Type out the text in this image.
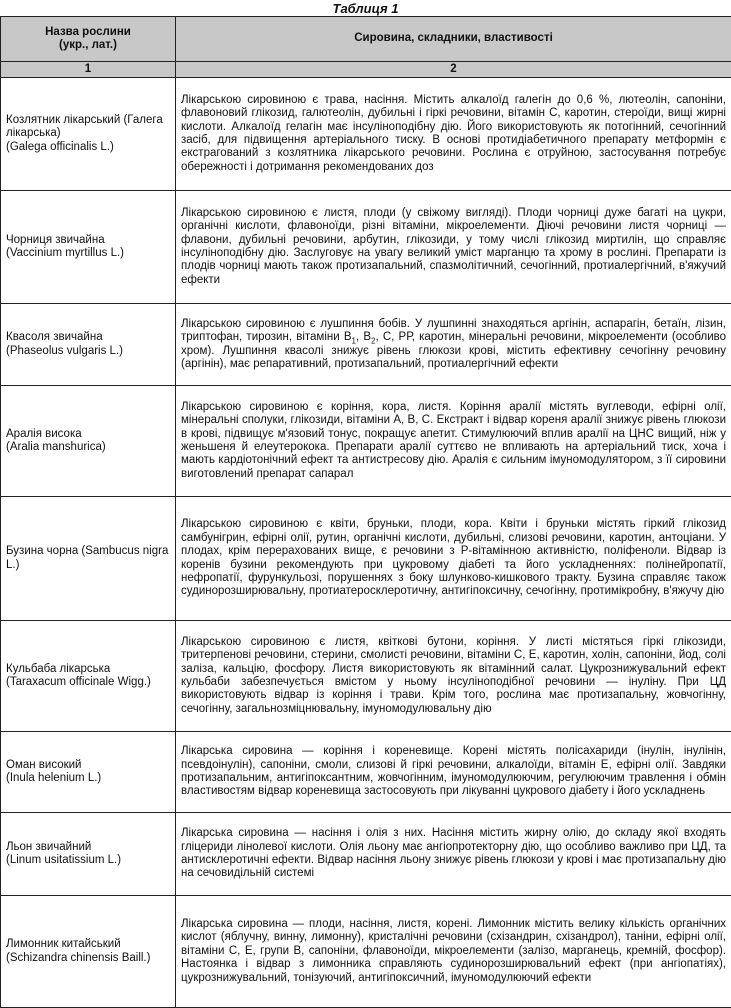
Таблиця 1
Назва рослини
(укр., лат.)	Сировина, складники, властивості
1	2

Козлятник лікарський (Галега лікарська)
(Galega officinalis L.)	Лікарською сировиною є трава, насіння. Містить алкалоїд галегін до 0,6 %, лютеолін, сапоніни, флавоновий глікозид, галютеолін, дубильні і гіркі речовини, вітамін С, каротин, стероїди, вищі жирні кислоти. Алкалоїд гелагін має інсуліноподібну дію. Його використовують як потогінний, сечогінний засіб, для підвищення артеріального тиску. В основі протидіабетичного препарату метформін є екстрагований з козлятника лікарського речовини. Рослина є отруйною, застосування потребує обережності і дотримання рекомендованих доз

Чорниця звичайна
(Vaccinium myrtillus L.)	Лікарською сировиною є листя, плоди (у свіжому вигляді). Плоди чорниці дуже багаті на цукри, органічні кислоти, флавоноїди, різні вітаміни, мікроелементи. Діючі речовини листя чорниці — флавони, дубильні речовини, арбутин, глікозиди, у тому числі глікозид миртилін, що справляє інсуліноподібну дію. Заслуговує на увагу великий уміст марганцю та хрому в рослині. Препарати із плодів чорниці мають також протизапальний, спазмолітичний, сечогінний, протиалергічний, в'яжучий ефекти

Квасоля звичайна
(Phaseolus vulgaris L.)	Лікарською сировиною є лушпиння бобів. У лушпинні знаходяться аргінін, аспарагін, бетаїн, лізин, триптофан, тирозин, вітаміни $В_1$, $В_2$, С, РР, каротин, мінеральні речовини, мікроелементи (особливо хром). Лушпиння квасолі знижує рівень глюкози крові, містить ефективну сечогінну речовину (аргінін), має репаративний, протизапальний, протиалергічний ефекти

Аралія висока
(Aralia manshurica)	Лікарською сировиною є коріння, кора, листя. Коріння аралії містять вуглеводи, ефірні олії, мінеральні сполуки, глікозиди, вітаміни А, В, С. Екстракт і відвар кореня аралії знижує рівень глюкози в крові, підвищує м'язовий тонус, покращує апетит. Стимулюючий вплив аралії на ЦНС вищий, ніж у женьшеня й елеутерокока. Препарати аралії суттєво не впливають на артеріальний тиск, хоча і мають кардіотонічний ефект та антистресову дію. Аралія є сильним імуномодулятором, з її сировини виготовлений препарат сапарал

Бузина чорна (Sambucus nigra L.)	Лікарською сировиною є квіти, бруньки, плоди, кора. Квіти і бруньки містять гіркий глікозид самбунігрин, ефірні олії, рутин, органічні кислоти, дубильні, слизові речовини, каротин, антоціани. У плодах, крім перерахованих вище, є речовини з Р-вітамінною активністю, поліфеноли. Відвар із коренів бузини рекомендують при цукровому діабеті та його ускладненнях: полінейропатії, нефропатії, фурункульозі, порушеннях з боку шлунково-кишкового тракту. Бузина справляє також судинорозширювальну, протиатеросклеротичну, антигіпоксичну, сечогінну, протимікробну, в'яжучу дію

Кульбаба лікарська (Taraxacum officinale Wigg.)	Лікарською сировиною є листя, квіткові бутони, коріння. У листі містяться гіркі глікозиди, тритерпенові речовини, стерини, смолисті речовини, вітаміни С, Е, каротин, холін, сапоніни, йод, солі заліза, кальцію, фосфору. Листя використовують як вітамінний салат. Цукрознижувальний ефект кульбаби забезпечується вмістом у ньому інсуліноподібної речовини — інуліну. При ЦД використовують відвар із коріння і трави. Крім того, рослина має протизапальну, жовчогінну, сечогінну, загальнозміцнювальну, імуномодулювальну дію

Оман високий
(Inula helenium L.)	Лікарська сировина — коріння і кореневище. Корені містять полісахариди (інулін, інулінін, псевдоінулін), сапоніни, смоли, слизові й гіркі речовини, алкалоїди, вітамін Е, ефірні олії. Завдяки протизапальним, антигіпоксантним, жовчогінним, імуномодулюючим, регулюючим травлення і обмін властивостям відвар кореневища застосовують при лікуванні цукрового діабету і його ускладнень

Льон звичайний
(Linum usitatissium L.)	Лікарська сировина — насіння і олія з них. Насіння містить жирну олію, до складу якої входять гліцериди лінолевої кислоти. Олія льону має ангіопротекторну дію, що особливо важливо при ЦД, та антисклеротичні ефекти. Відвар насіння льону знижує рівень глюкози у крові і має протизапальну дію на сечовидільній системі

Лимонник китайський
(Schizandra chinensis Baill.)	Лікарська сировина — плоди, насіння, листя, корені. Лимонник містить велику кількість органічних кислот (яблучну, винну, лимонну), кристалічні речовини (схізандрин, схізандрол), таніни, ефірні олії, вітаміни С, Е, групи В, сапоніни, флавоноїди, мікроелементи (залізо, марганець, кремній, фосфор). Настоянка і відвар з лимонника справляють судинорозширювальний ефект (при ангіопатіях), цукрознижувальний, тонізуючий, антигіпоксичний, імуномодулюючий ефекти
